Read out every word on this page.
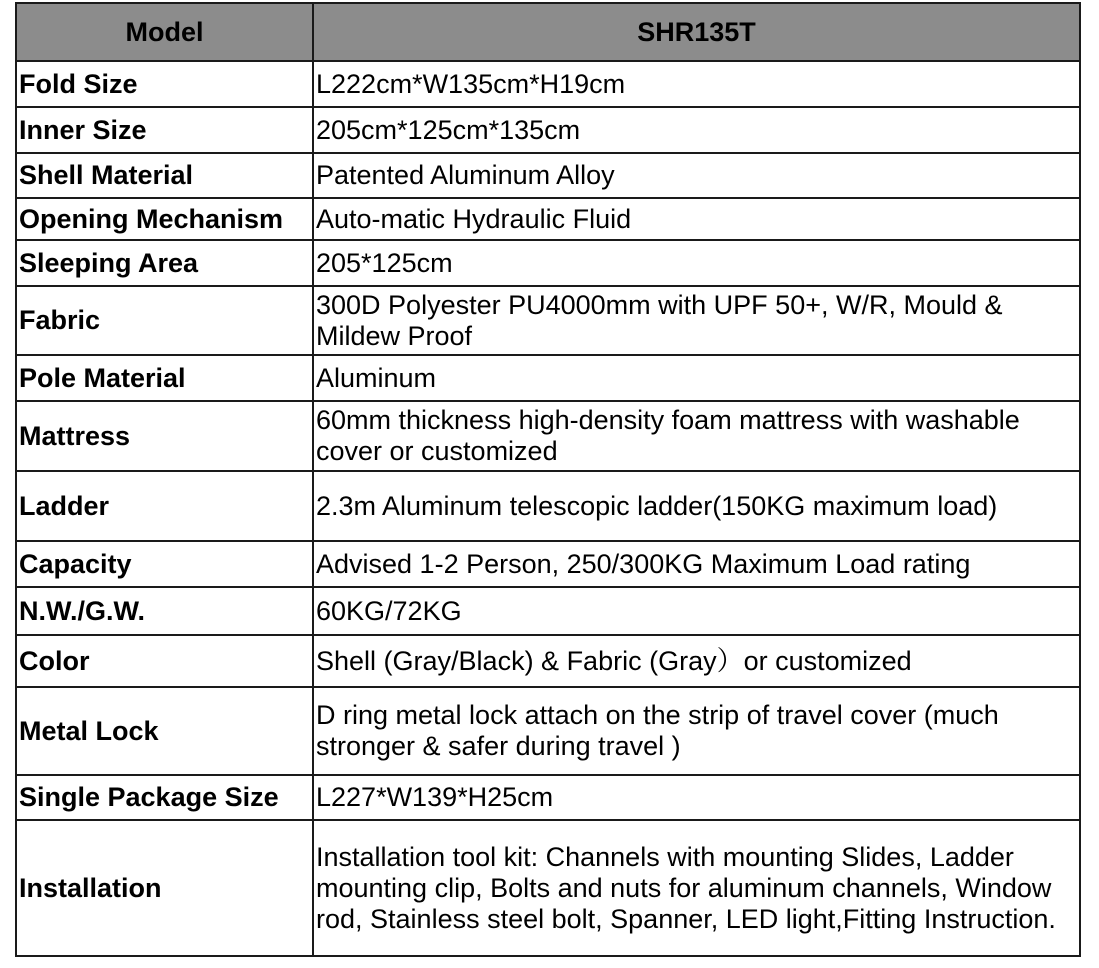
Model	SHR135T
Fold Size	L222cm*W135cm*H19cm
Inner Size	205cm*125cm*135cm
Shell Material	Patented Aluminum Alloy
Opening Mechanism	Auto-matic Hydraulic Fluid
Sleeping Area	205*125cm
Fabric	300D Polyester PU4000mm with UPF 50+, W/R, Mould & Mildew Proof
Pole Material	Aluminum
Mattress	60mm thickness high-density foam mattress with washable cover or customized
Ladder	2.3m Aluminum telescopic ladder(150KG maximum load)
Capacity	Advised 1-2 Person, 250/300KG Maximum Load rating
N.W./G.W.	60KG/72KG
Color	Shell (Gray/Black) & Fabric (Gray）or customized
Metal Lock	D ring metal lock attach on the strip of travel cover (much stronger & safer during travel )
Single Package Size	L227*W139*H25cm
Installation	Installation tool kit: Channels with mounting Slides, Ladder mounting clip, Bolts and nuts for aluminum channels, Window rod, Stainless steel bolt, Spanner, LED light,Fitting Instruction.
